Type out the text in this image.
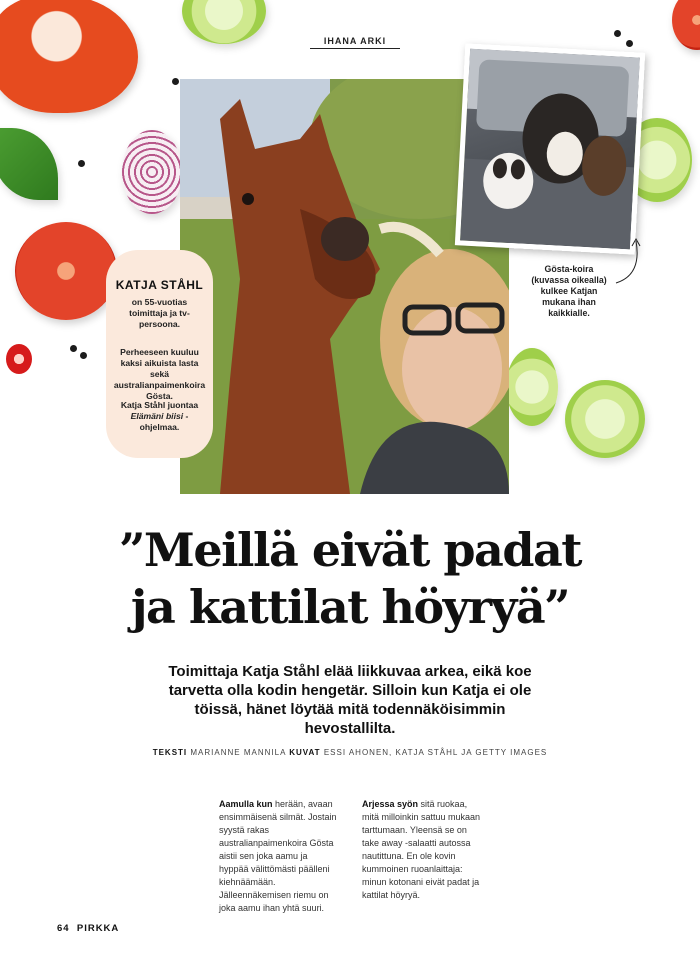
IHANA ARKI
KATJA STÅHL
on 55-vuotias toimittaja ja tv-persoona.
Perheeseen kuuluu kaksi aikuista lasta sekä australianpaimenkoira Gösta.
Katja Ståhl juontaa Elämäni biisi -ohjelmaa.
Gösta-koira (kuvassa oikealla) kulkee Katjan mukana ihan kaikkialle.
”Meillä eivät padat
ja kattilat höyryä”
Toimittaja Katja Ståhl elää liikkuvaa arkea, eikä koe tarvetta olla kodin hengetär. Silloin kun Katja ei ole töissä, hänet löytää mitä todennäköisimmin hevostallilta.
TEKSTI MARIANNE MANNILA KUVAT ESSI AHONEN, KATJA STÅHL JA GETTY IMAGES
Aamulla kun herään, avaan ensimmäisenä silmät. Jostain syystä rakas australianpaimenkoira Gösta aistii sen joka aamu ja hyppää välittömästi päälleni kiehnäämään. Jälleennäkemisen riemu on joka aamu ihan yhtä suuri.
Arjessa syön sitä ruokaa, mitä milloinkin sattuu mukaan tarttumaan. Yleensä se on take away -salaatti autossa nautittuna. En ole kovin kummoinen ruoanlaittaja: minun kotonani eivät padat ja kattilat höyryä.
64 PIRKKA
